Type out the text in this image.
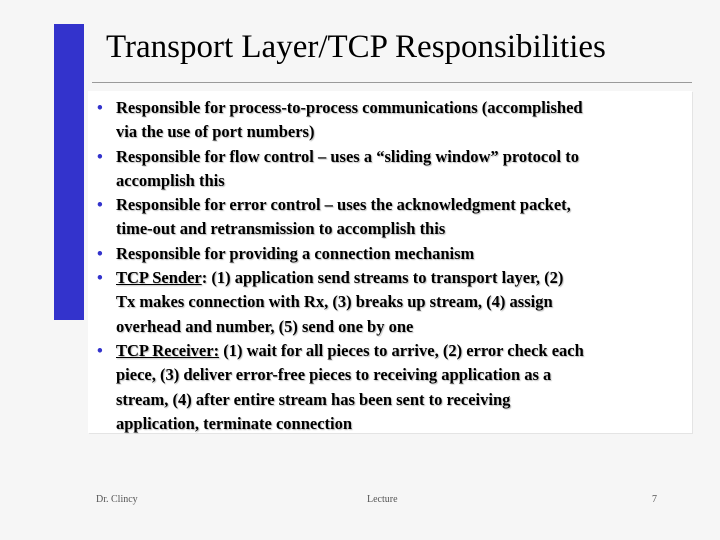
Transport Layer/TCP Responsibilities
• Responsible for process-to-process communications (accomplished
via the use of port numbers)
• Responsible for flow control – uses a “sliding window” protocol to
accomplish this
• Responsible for error control – uses the acknowledgment packet,
time-out and retransmission to accomplish this
• Responsible for providing a connection mechanism
• TCP Sender: (1) application send streams to transport layer, (2)
Tx makes connection with Rx, (3) breaks up stream, (4) assign
overhead and number, (5) send one by one
• TCP Receiver: (1) wait for all pieces to arrive, (2) error check each
piece, (3) deliver error-free pieces to receiving application as a
stream, (4) after entire stream has been sent to receiving
application, terminate connection
Dr. Clincy	Lecture	7
